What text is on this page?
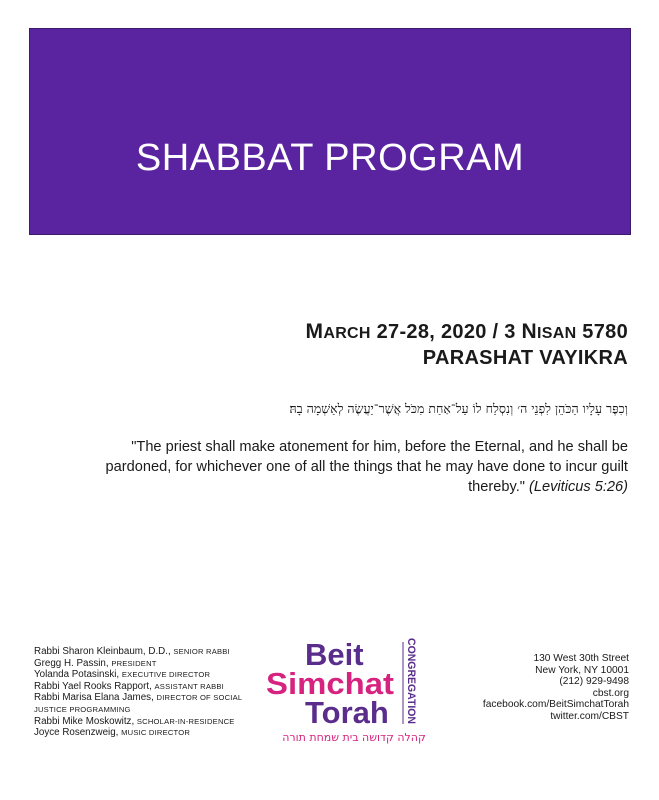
SHABBAT PROGRAM
MARCH 27-28, 2020 / 3 NISAN 5780
PARASHAT VAYIKRA
וְכִפֶּר עָלָיו הַכֹּהֵן לִפְנֵי ה׳ וְנִסְלַח לוֹ עַל־אַחַת מִכֹּל אֲשֶׁר־יַעֲשֶׂה לְאַשְׁמָה בָהּ׃
"The priest shall make atonement for him, before the Eternal, and he shall be pardoned, for whichever one of all the things that he may have done to incur guilt thereby." (Leviticus 5:26)
Rabbi Sharon Kleinbaum, D.D., SENIOR RABBI
Gregg H. Passin, PRESIDENT
Yolanda Potasinski, EXECUTIVE DIRECTOR
Rabbi Yael Rooks Rapport, ASSISTANT RABBI
Rabbi Marisa Elana James, DIRECTOR OF SOCIAL JUSTICE PROGRAMMING
Rabbi Mike Moskowitz, SCHOLAR-IN-RESIDENCE
Joyce Rosenzweig, MUSIC DIRECTOR
Beit
Simchat
Torah CONGREGATION
קהלה קדושה בית שמחת תורה
130 West 30th Street
New York, NY 10001
(212) 929-9498
cbst.org
facebook.com/BeitSimchatTorah
twitter.com/CBST
